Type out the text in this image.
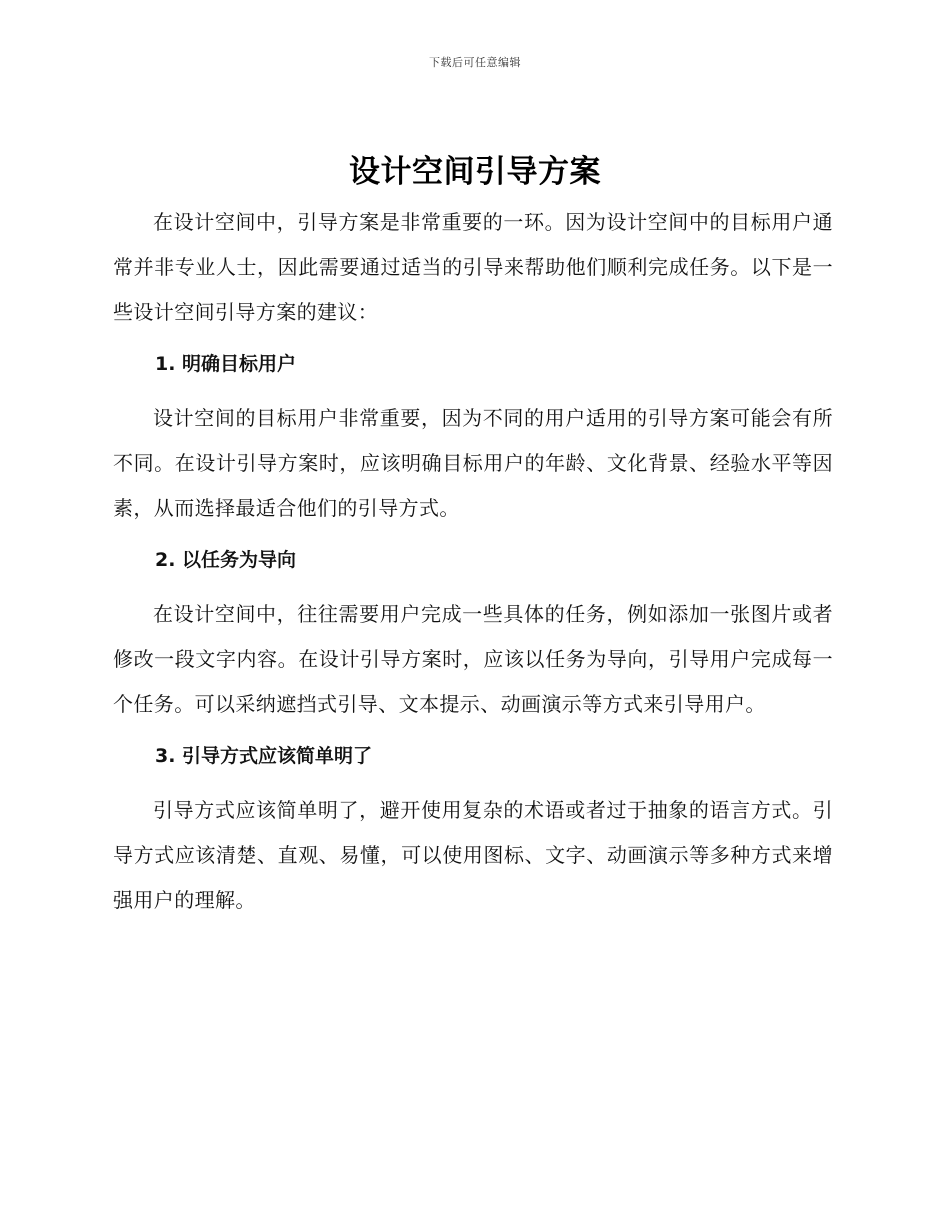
下载后可任意编辑
设计空间引导方案

在设计空间中，引导方案是非常重要的一环。因为设计空间中的目标用户通常并非专业人士，因此需要通过适当的引导来帮助他们顺利完成任务。以下是一些设计空间引导方案的建议：

1. 明确目标用户

设计空间的目标用户非常重要，因为不同的用户适用的引导方案可能会有所不同。在设计引导方案时，应该明确目标用户的年龄、文化背景、经验水平等因素，从而选择最适合他们的引导方式。

2. 以任务为导向

在设计空间中，往往需要用户完成一些具体的任务，例如添加一张图片或者修改一段文字内容。在设计引导方案时，应该以任务为导向，引导用户完成每一个任务。可以采纳遮挡式引导、文本提示、动画演示等方式来引导用户。

3. 引导方式应该简单明了

引导方式应该简单明了，避开使用复杂的术语或者过于抽象的语言方式。引导方式应该清楚、直观、易懂，可以使用图标、文字、动画演示等多种方式来增强用户的理解。
